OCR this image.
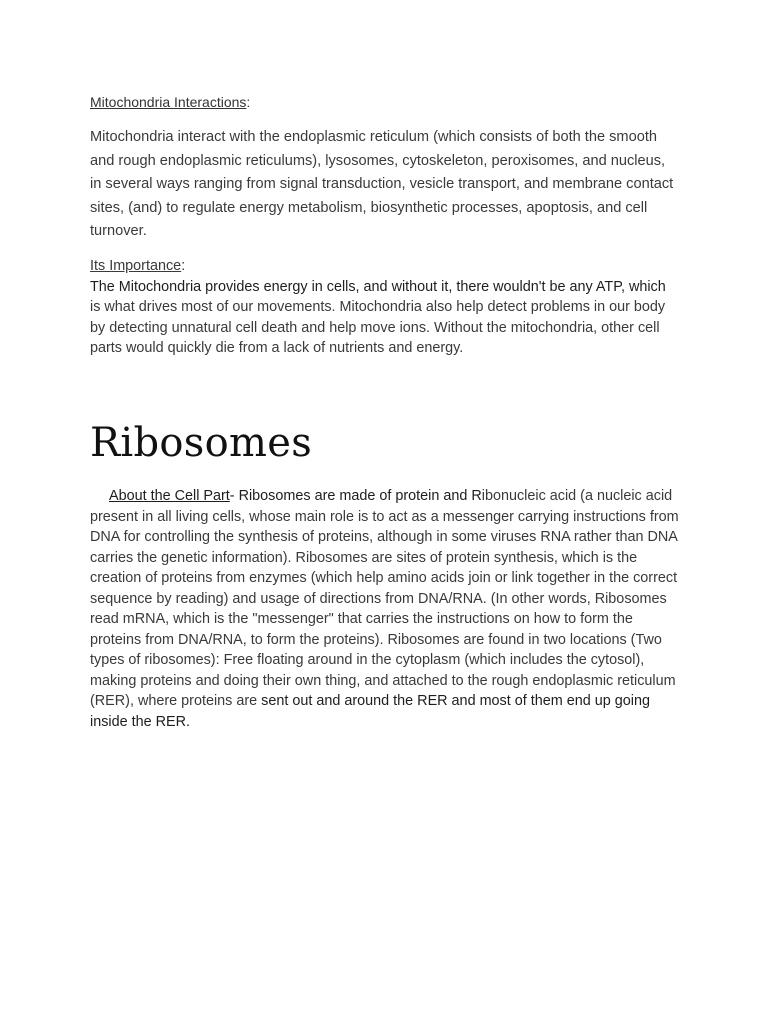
Mitochondria Interactions:
Mitochondria interact with the endoplasmic reticulum (which consists of both the smooth and rough endoplasmic reticulums), lysosomes, cytoskeleton, peroxisomes, and nucleus, in several ways ranging from signal transduction, vesicle transport, and membrane contact sites, (and) to regulate energy metabolism, biosynthetic processes, apoptosis, and cell turnover.
Its Importance:
The Mitochondria provides energy in cells, and without it, there wouldn't be any ATP, which is what drives most of our movements. Mitochondria also help detect problems in our body by detecting unnatural cell death and help move ions. Without the mitochondria, other cell parts would quickly die from a lack of nutrients and energy.
Ribosomes
About the Cell Part- Ribosomes are made of protein and Ribonucleic acid (a nucleic acid present in all living cells, whose main role is to act as a messenger carrying instructions from DNA for controlling the synthesis of proteins, although in some viruses RNA rather than DNA carries the genetic information). Ribosomes are sites of protein synthesis, which is the creation of proteins from enzymes (which help amino acids join or link together in the correct sequence by reading) and usage of directions from DNA/RNA. (In other words, Ribosomes read mRNA, which is the "messenger" that carries the instructions on how to form the proteins from DNA/RNA, to form the proteins). Ribosomes are found in two locations (Two types of ribosomes): Free floating around in the cytoplasm (which includes the cytosol), making proteins and doing their own thing, and attached to the rough endoplasmic reticulum (RER), where proteins are sent out and around the RER and most of them end up going inside the RER.
